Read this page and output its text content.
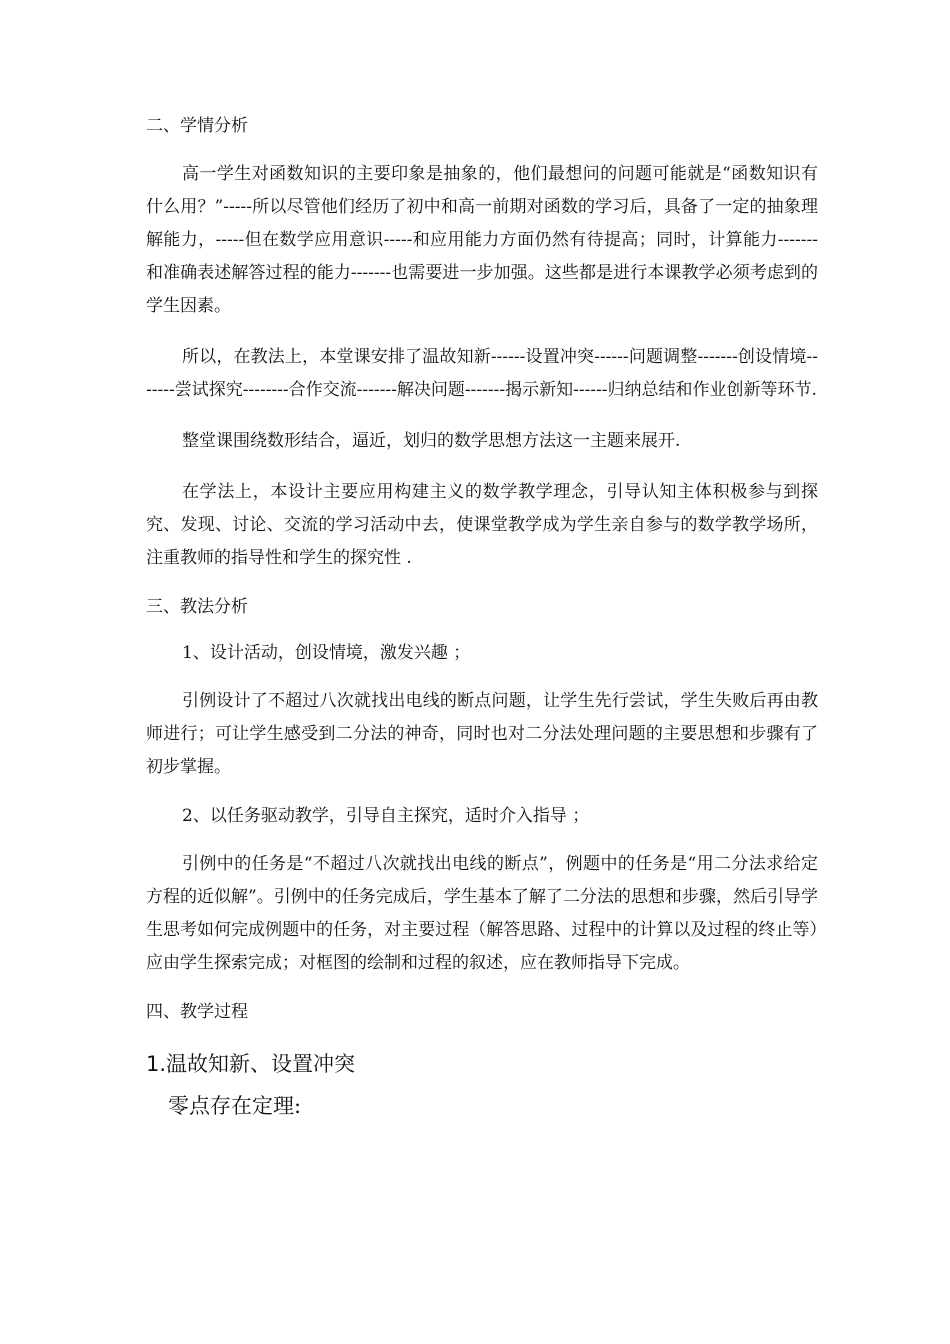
二、学情分析

高一学生对函数知识的主要印象是抽象的，他们最想问的问题可能就是“函数知识有什么用？”-----所以尽管他们经历了初中和高一前期对函数的学习后，具备了一定的抽象理解能力，-----但在数学应用意识-----和应用能力方面仍然有待提高；同时，计算能力-------和准确表述解答过程的能力-------也需要进一步加强。这些都是进行本课教学必须考虑到的学生因素。

所以，在教法上，本堂课安排了温故知新------设置冲突------问题调整-------创设情境-------尝试探究--------合作交流-------解决问题-------揭示新知------归纳总结和作业创新等环节.

整堂课围绕数形结合，逼近，划归的数学思想方法这一主题来展开.

在学法上，本设计主要应用构建主义的数学教学理念，引导认知主体积极参与到探究、发现、讨论、交流的学习活动中去，使课堂教学成为学生亲自参与的数学教学场所，注重教师的指导性和学生的探究性 .

三、教法分析

1、设计活动，创设情境，激发兴趣 ；

引例设计了不超过八次就找出电线的断点问题，让学生先行尝试，学生失败后再由教师进行；可让学生感受到二分法的神奇，同时也对二分法处理问题的主要思想和步骤有了初步掌握。

2、以任务驱动教学，引导自主探究，适时介入指导 ；

引例中的任务是“不超过八次就找出电线的断点”，例题中的任务是“用二分法求给定方程的近似解”。引例中的任务完成后，学生基本了解了二分法的思想和步骤，然后引导学生思考如何完成例题中的任务，对主要过程（解答思路、过程中的计算以及过程的终止等）应由学生探索完成；对框图的绘制和过程的叙述，应在教师指导下完成。

四、教学过程

1.温故知新、设置冲突

零点存在定理:
